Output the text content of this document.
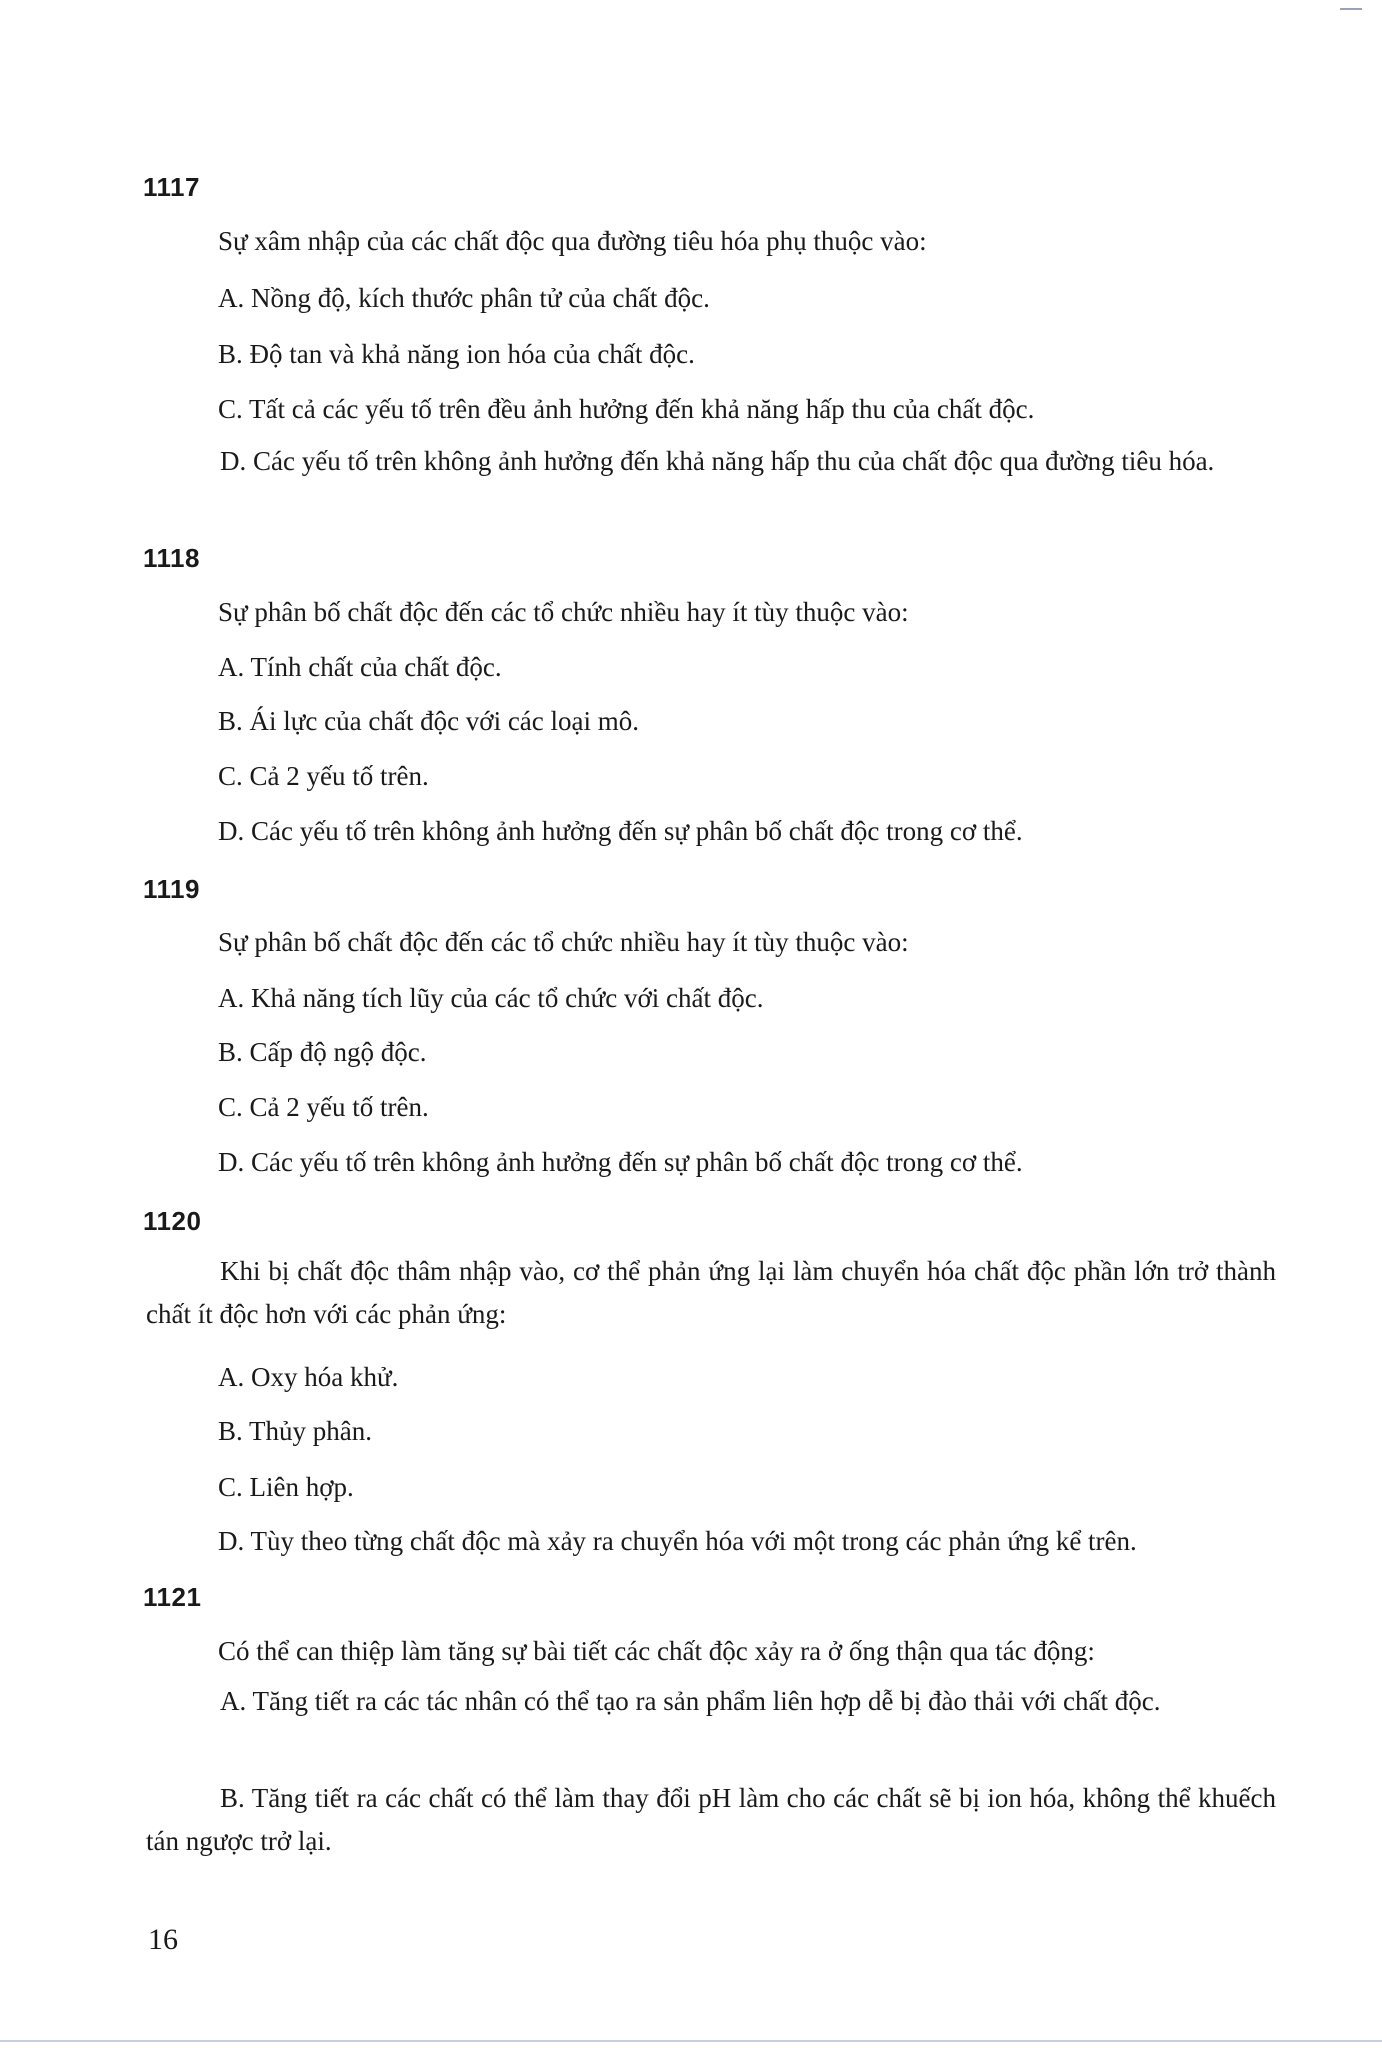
1117
Sự xâm nhập của các chất độc qua đường tiêu hóa phụ thuộc vào:
A. Nồng độ, kích thước phân tử của chất độc.
B. Độ tan và khả năng ion hóa của chất độc.
C. Tất cả các yếu tố trên đều ảnh hưởng đến khả năng hấp thu của chất độc.
D. Các yếu tố trên không ảnh hưởng đến khả năng hấp thu của chất độc qua đường tiêu hóa.
1118
Sự phân bố chất độc đến các tổ chức nhiều hay ít tùy thuộc vào:
A. Tính chất của chất độc.
B. Ái lực của chất độc với các loại mô.
C. Cả 2 yếu tố trên.
D. Các yếu tố trên không ảnh hưởng đến sự phân bố chất độc trong cơ thể.
1119
Sự phân bố chất độc đến các tổ chức nhiều hay ít tùy thuộc vào:
A. Khả năng tích lũy của các tổ chức với chất độc.
B. Cấp độ ngộ độc.
C. Cả 2 yếu tố trên.
D. Các yếu tố trên không ảnh hưởng đến sự phân bố chất độc trong cơ thể.
1120
Khi bị chất độc thâm nhập vào, cơ thể phản ứng lại làm chuyển hóa chất độc phần lớn trở thành chất ít độc hơn với các phản ứng:
A. Oxy hóa khử.
B. Thủy phân.
C. Liên hợp.
D. Tùy theo từng chất độc mà xảy ra chuyển hóa với một trong các phản ứng kể trên.
1121
Có thể can thiệp làm tăng sự bài tiết các chất độc xảy ra ở ống thận qua tác động:
A. Tăng tiết ra các tác nhân có thể tạo ra sản phẩm liên hợp dễ bị đào thải với chất độc.
B. Tăng tiết ra các chất có thể làm thay đổi pH làm cho các chất sẽ bị ion hóa, không thể khuếch tán ngược trở lại.
16
